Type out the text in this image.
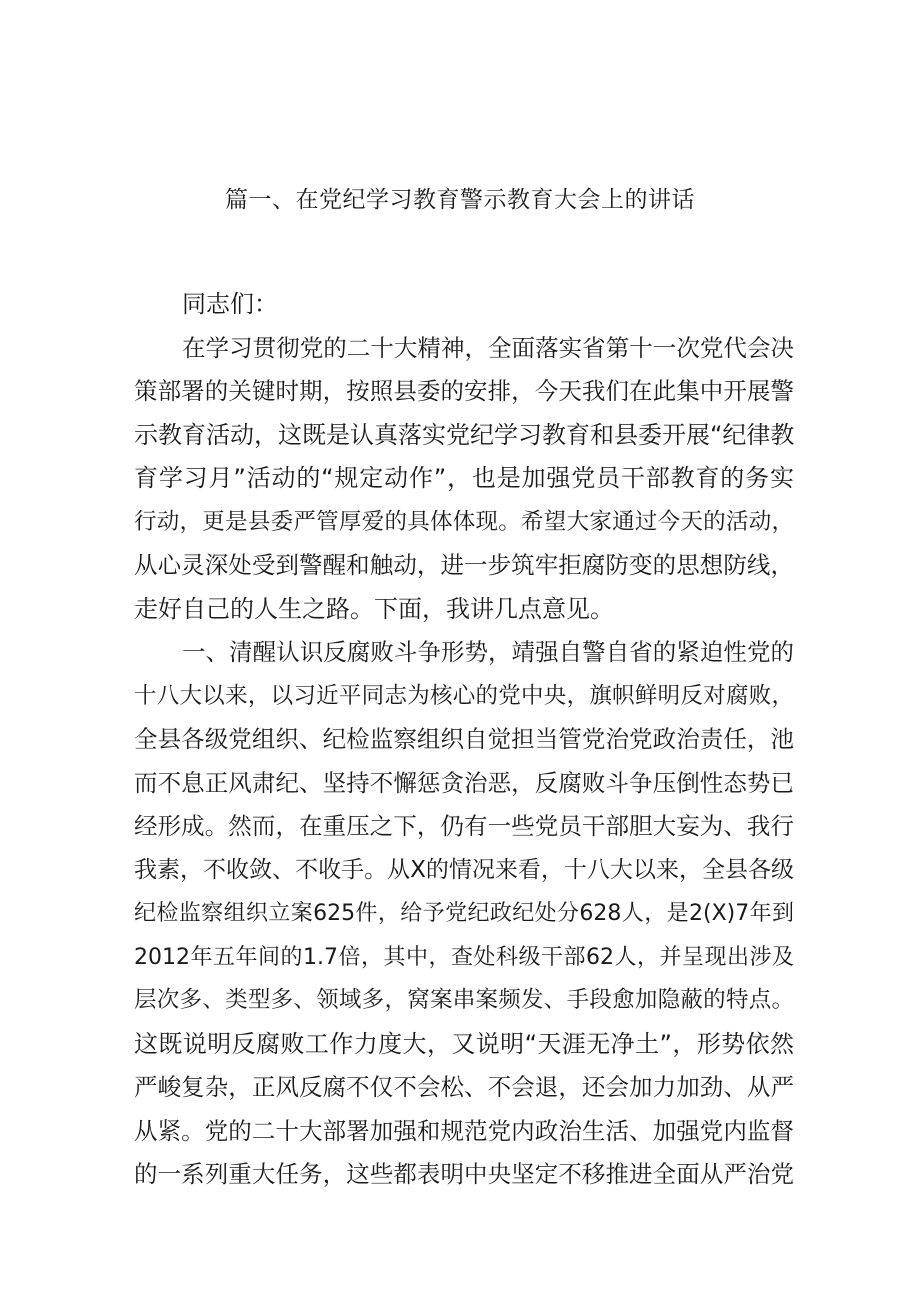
篇一、在党纪学习教育警示教育大会上的讲话

同志们：

在学习贯彻党的二十大精神，全面落实省第十一次党代会决

策部署的关键时期，按照县委的安排，今天我们在此集中开展警

示教育活动，这既是认真落实党纪学习教育和县委开展“纪律教

育学习月”活动的“规定动作”，也是加强党员干部教育的务实

行动，更是县委严管厚爱的具体体现。希望大家通过今天的活动，

从心灵深处受到警醒和触动，进一步筑牢拒腐防变的思想防线，

走好自己的人生之路。下面，我讲几点意见。

一、清醒认识反腐败斗争形势，靖强自警自省的紧迫性党的

十八大以来，以习近平同志为核心的党中央，旗帜鲜明反对腐败，

全县各级党组织、纪检监察组织自觉担当管党治党政治责任，池

而不息正风肃纪、坚持不懈惩贪治恶，反腐败斗争压倒性态势已

经形成。然而，在重压之下，仍有一些党员干部胆大妄为、我行

我素，不收敛、不收手。从X的情况来看，十八大以来，全县各级

纪检监察组织立案625件，给予党纪政纪处分628人，是2(X)7年到

2012年五年间的1.7倍，其中，查处科级干部62人，并呈现出涉及

层次多、类型多、领域多，窝案串案频发、手段愈加隐蔽的特点。

这既说明反腐败工作力度大，又说明“天涯无净土”，形势依然

严峻复杂，正风反腐不仅不会松、不会退，还会加力加劲、从严

从紧。党的二十大部署加强和规范党内政治生活、加强党内监督

的一系列重大任务，这些都表明中央坚定不移推进全面从严治党
